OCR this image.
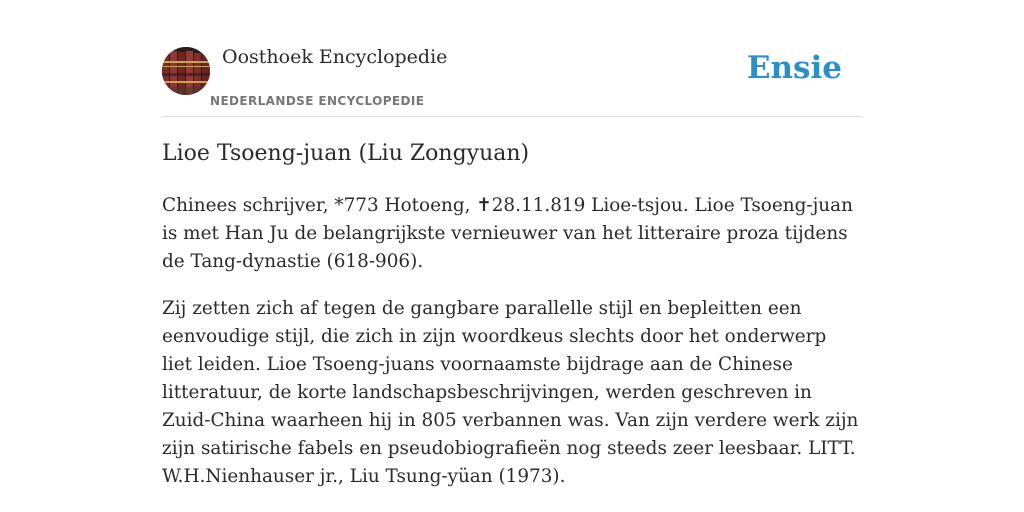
Oosthoek Encyclopedie
NEDERLANDSE ENCYCLOPEDIE
Ensie
Lioe Tsoeng-juan (Liu Zongyuan)

Chinees schrijver, *773 Hotoeng, ✝28.11.819 Lioe-tsjou. Lioe Tsoeng-juan is met Han Ju de belangrijkste vernieuwer van het litteraire proza tijdens de Tang-dynastie (618-906).

Zij zetten zich af tegen de gangbare parallelle stijl en bepleitten een eenvoudige stijl, die zich in zijn woordkeus slechts door het onderwerp liet leiden. Lioe Tsoeng-juans voornaamste bijdrage aan de Chinese litteratuur, de korte landschapsbeschrijvingen, werden geschreven in Zuid-China waarheen hij in 805 verbannen was. Van zijn verdere werk zijn zijn satirische fabels en pseudobiografieën nog steeds zeer leesbaar. LITT. W.H.Nienhauser jr., Liu Tsung-yüan (1973).
